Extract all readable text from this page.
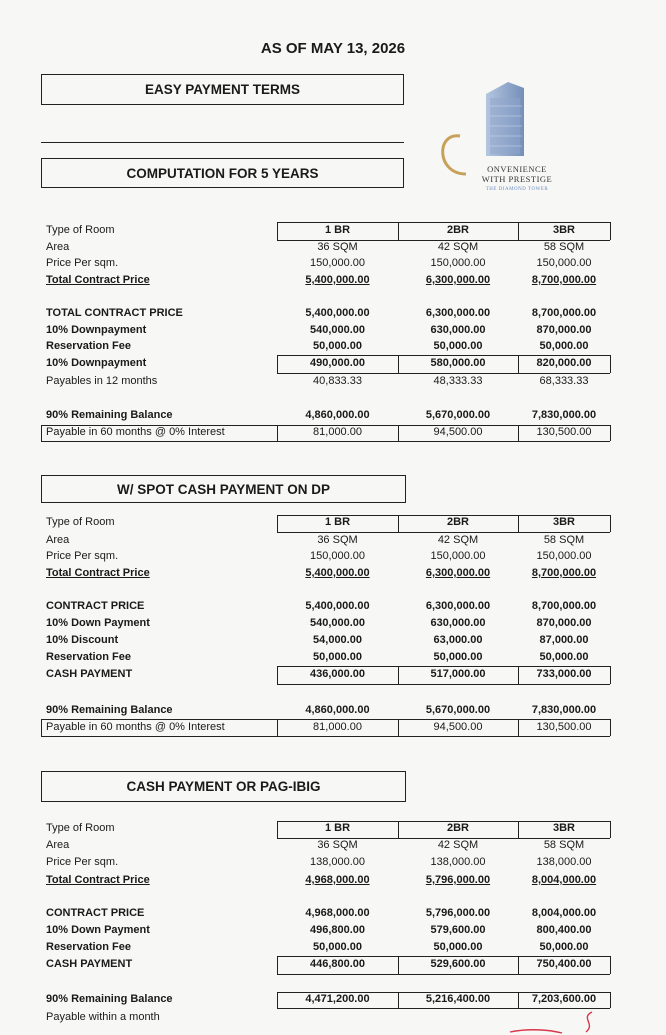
AS OF MAY 13, 2026
EASY PAYMENT TERMS
COMPUTATION FOR 5 YEARS	ONVENIENCE
WITH PRESTIGE
THE DIAMOND TOWER
W/ SPOT CASH PAYMENT ON DP
CASH PAYMENT OR PAG-IBIG
Type of Room	1 BR	2BR	3BR
Area	36 SQM	42 SQM	58 SQM
Price Per sqm.	150,000.00	150,000.00	150,000.00
Total Contract Price	5,400,000.00	6,300,000.00	8,700,000.00
TOTAL CONTRACT PRICE	5,400,000.00	6,300,000.00	8,700,000.00
10% Downpayment	540,000.00	630,000.00	870,000.00
Reservation Fee	50,000.00	50,000.00	50,000.00
10% Downpayment	490,000.00	580,000.00	820,000.00
Payables in 12 months	40,833.33	48,333.33	68,333.33
90% Remaining Balance	4,860,000.00	5,670,000.00	7,830,000.00
Payable in 60 months @ 0% Interest	81,000.00	94,500.00	130,500.00
Type of Room	1 BR	2BR	3BR
Area	36 SQM	42 SQM	58 SQM
Price Per sqm.	150,000.00	150,000.00	150,000.00
Total Contract Price	5,400,000.00	6,300,000.00	8,700,000.00
CONTRACT PRICE	5,400,000.00	6,300,000.00	8,700,000.00
10% Down Payment	540,000.00	630,000.00	870,000.00
10% Discount	54,000.00	63,000.00	87,000.00
Reservation Fee	50,000.00	50,000.00	50,000.00
CASH PAYMENT	436,000.00	517,000.00	733,000.00
90% Remaining Balance	4,860,000.00	5,670,000.00	7,830,000.00
Payable in 60 months @ 0% Interest	81,000.00	94,500.00	130,500.00
Type of Room	1 BR	2BR	3BR
Area	36 SQM	42 SQM	58 SQM
Price Per sqm.	138,000.00	138,000.00	138,000.00
Total Contract Price	4,968,000.00	5,796,000.00	8,004,000.00
CONTRACT PRICE	4,968,000.00	5,796,000.00	8,004,000.00
10% Down Payment	496,800.00	579,600.00	800,400.00
Reservation Fee	50,000.00	50,000.00	50,000.00
CASH PAYMENT	446,800.00	529,600.00	750,400.00
90% Remaining Balance	4,471,200.00	5,216,400.00	7,203,600.00
Payable within a month
